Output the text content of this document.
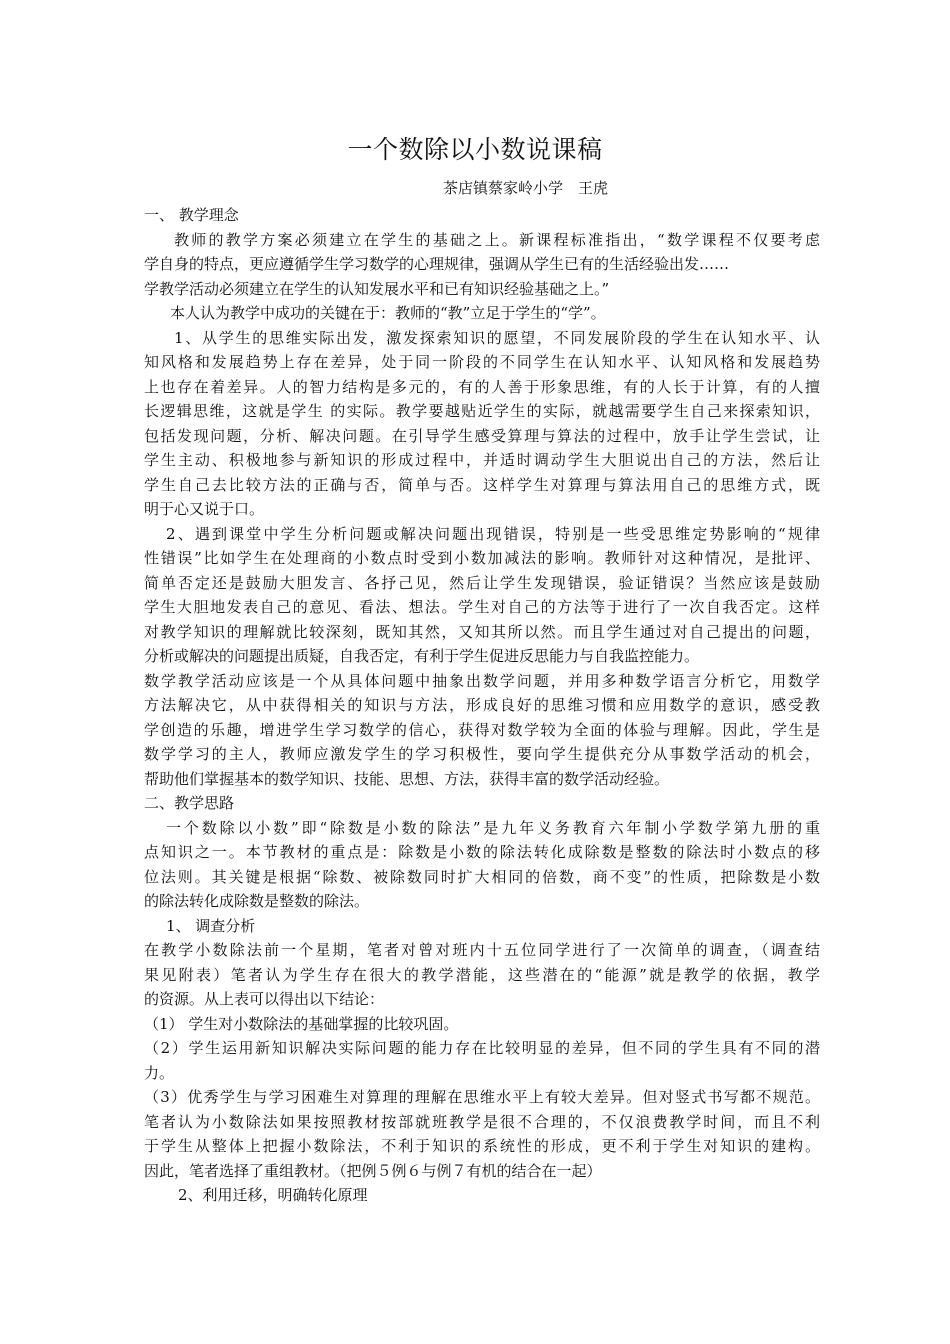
一个数除以小数说课稿
茶店镇蔡家岭小学　王虎
一、 教学理念
教师的教学方案必须建立在学生的基础之上。新课程标准指出，“数学课程不仅要考虑
学自身的特点，更应遵循学生学习数学的心理规律，强调从学生已有的生活经验出发……
学教学活动必须建立在学生的认知发展水平和已有知识经验基础之上。”
本人认为教学中成功的关键在于：教师的“教”立足于学生的“学”。
1、从学生的思维实际出发，激发探索知识的愿望，不同发展阶段的学生在认知水平、认
知风格和发展趋势上存在差异，处于同一阶段的不同学生在认知水平、认知风格和发展趋势
上也存在着差异。人的智力结构是多元的，有的人善于形象思维，有的人长于计算，有的人擅
长逻辑思维，这就是学生 的实际。教学要越贴近学生的实际，就越需要学生自己来探索知识，
包括发现问题，分析、解决问题。在引导学生感受算理与算法的过程中，放手让学生尝试，让
学生主动、积极地参与新知识的形成过程中，并适时调动学生大胆说出自己的方法，然后让
学生自己去比较方法的正确与否，简单与否。这样学生对算理与算法用自己的思维方式，既
明于心又说于口。
2、遇到课堂中学生分析问题或解决问题出现错误，特别是一些受思维定势影响的“规律
性错误”比如学生在处理商的小数点时受到小数加减法的影响。教师针对这种情况，是批评、
简单否定还是鼓励大胆发言、各抒己见，然后让学生发现错误，验证错误？当然应该是鼓励
学生大胆地发表自己的意见、看法、想法。学生对自己的方法等于进行了一次自我否定。这样
对教学知识的理解就比较深刻，既知其然，又知其所以然。而且学生通过对自己提出的问题，
分析或解决的问题提出质疑，自我否定，有利于学生促进反思能力与自我监控能力。
数学教学活动应该是一个从具体问题中抽象出数学问题，并用多种数学语言分析它，用数学
方法解决它，从中获得相关的知识与方法，形成良好的思维习惯和应用数学的意识，感受教
学创造的乐趣，增进学生学习数学的信心，获得对数学较为全面的体验与理解。因此，学生是
数学学习的主人，教师应激发学生的学习积极性，要向学生提供充分从事数学活动的机会，
帮助他们掌握基本的数学知识、技能、思想、方法，获得丰富的数学活动经验。
二、教学思路
一个数除以小数”即“除数是小数的除法”是九年义务教育六年制小学数学第九册的重
点知识之一。本节教材的重点是：除数是小数的除法转化成除数是整数的除法时小数点的移
位法则。其关键是根据“除数、被除数同时扩大相同的倍数，商不变”的性质，把除数是小数
的除法转化成除数是整数的除法。
1、 调查分析
在教学小数除法前一个星期，笔者对曾对班内十五位同学进行了一次简单的调查，（调查结
果见附表）笔者认为学生存在很大的教学潜能，这些潜在的“能源”就是教学的依据，教学
的资源。从上表可以得出以下结论：
（1） 学生对小数除法的基础掌握的比较巩固。
（2）学生运用新知识解决实际问题的能力存在比较明显的差异，但不同的学生具有不同的潜
力。
（3）优秀学生与学习困难生对算理的理解在思维水平上有较大差异。但对竖式书写都不规范。
笔者认为小数除法如果按照教材按部就班教学是很不合理的，不仅浪费教学时间，而且不利
于学生从整体上把握小数除法，不利于知识的系统性的形成，更不利于学生对知识的建构。
因此，笔者选择了重组教材。（把例５例６与例７有机的结合在一起）
2、利用迁移，明确转化原理
